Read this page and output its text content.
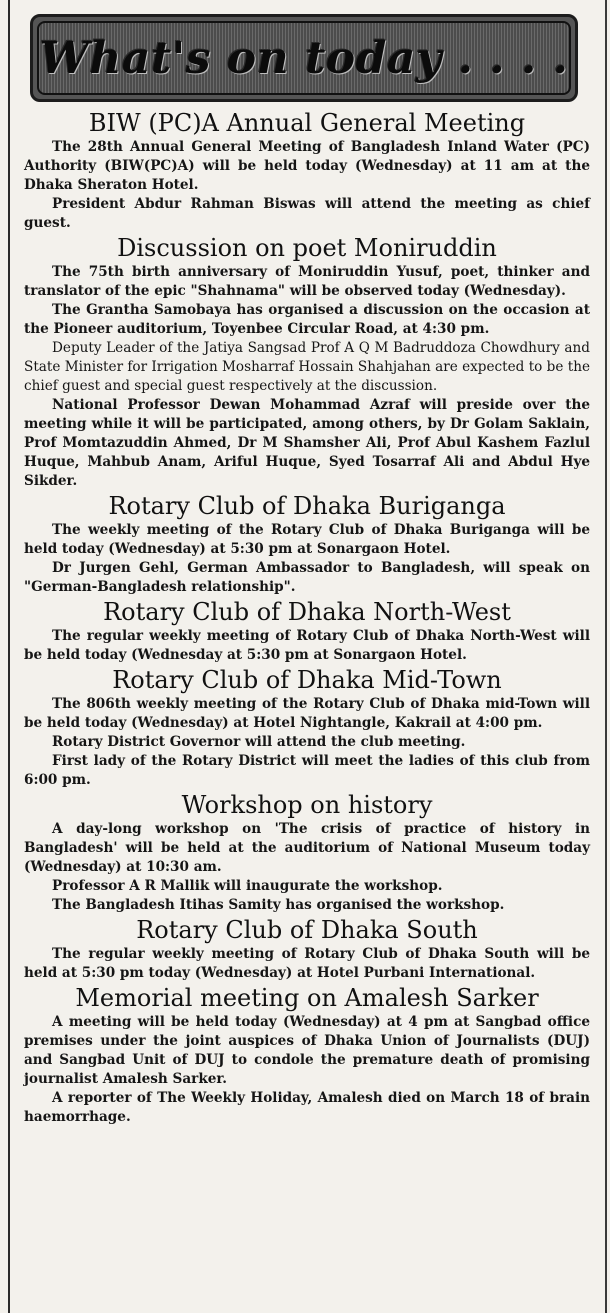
What's on today . . . .
BIW (PC)A Annual General Meeting

The 28th Annual General Meeting of Bangladesh Inland Water (PC) Authority (BIW(PC)A) will be held today (Wednesday) at 11 am at the Dhaka Sheraton Hotel.

President Abdur Rahman Biswas will attend the meeting as chief guest.

Discussion on poet Moniruddin

The 75th birth anniversary of Moniruddin Yusuf, poet, thinker and translator of the epic "Shahnama" will be observed today (Wednesday).

The Grantha Samobaya has organised a discussion on the occasion at the Pioneer auditorium, Toyenbee Circular Road, at 4:30 pm.

Deputy Leader of the Jatiya Sangsad Prof A Q M Badruddoza Chowdhury and State Minister for Irrigation Mosharraf Hossain Shahjahan are expected to be the chief guest and special guest respectively at the discussion.

National Professor Dewan Mohammad Azraf will preside over the meeting while it will be participated, among others, by Dr Golam Saklain, Prof Momtazuddin Ahmed, Dr M Shamsher Ali, Prof Abul Kashem Fazlul Huque, Mahbub Anam, Ariful Huque, Syed Tosarraf Ali and Abdul Hye Sikder.

Rotary Club of Dhaka Buriganga

The weekly meeting of the Rotary Club of Dhaka Buriganga will be held today (Wednesday) at 5:30 pm at Sonargaon Hotel.

Dr Jurgen Gehl, German Ambassador to Bangladesh, will speak on "German-Bangladesh relationship".

Rotary Club of Dhaka North-West

The regular weekly meeting of Rotary Club of Dhaka North-West will be held today (Wednesday at 5:30 pm at Sonargaon Hotel.

Rotary Club of Dhaka Mid-Town

The 806th weekly meeting of the Rotary Club of Dhaka mid-Town will be held today (Wednesday) at Hotel Nightangle, Kakrail at 4:00 pm.

Rotary District Governor will attend the club meeting.

First lady of the Rotary District will meet the ladies of this club from 6:00 pm.

Workshop on history

A day-long workshop on 'The crisis of practice of history in Bangladesh' will be held at the auditorium of National Museum today (Wednesday) at 10:30 am.

Professor A R Mallik will inaugurate the workshop.

The Bangladesh Itihas Samity has organised the workshop.

Rotary Club of Dhaka South

The regular weekly meeting of Rotary Club of Dhaka South will be held at 5:30 pm today (Wednesday) at Hotel Purbani International.

Memorial meeting on Amalesh Sarker

A meeting will be held today (Wednesday) at 4 pm at Sangbad office premises under the joint auspices of Dhaka Union of Journalists (DUJ) and Sangbad Unit of DUJ to condole the premature death of promising journalist Amalesh Sarker.

A reporter of The Weekly Holiday, Amalesh died on March 18 of brain haemorrhage.
